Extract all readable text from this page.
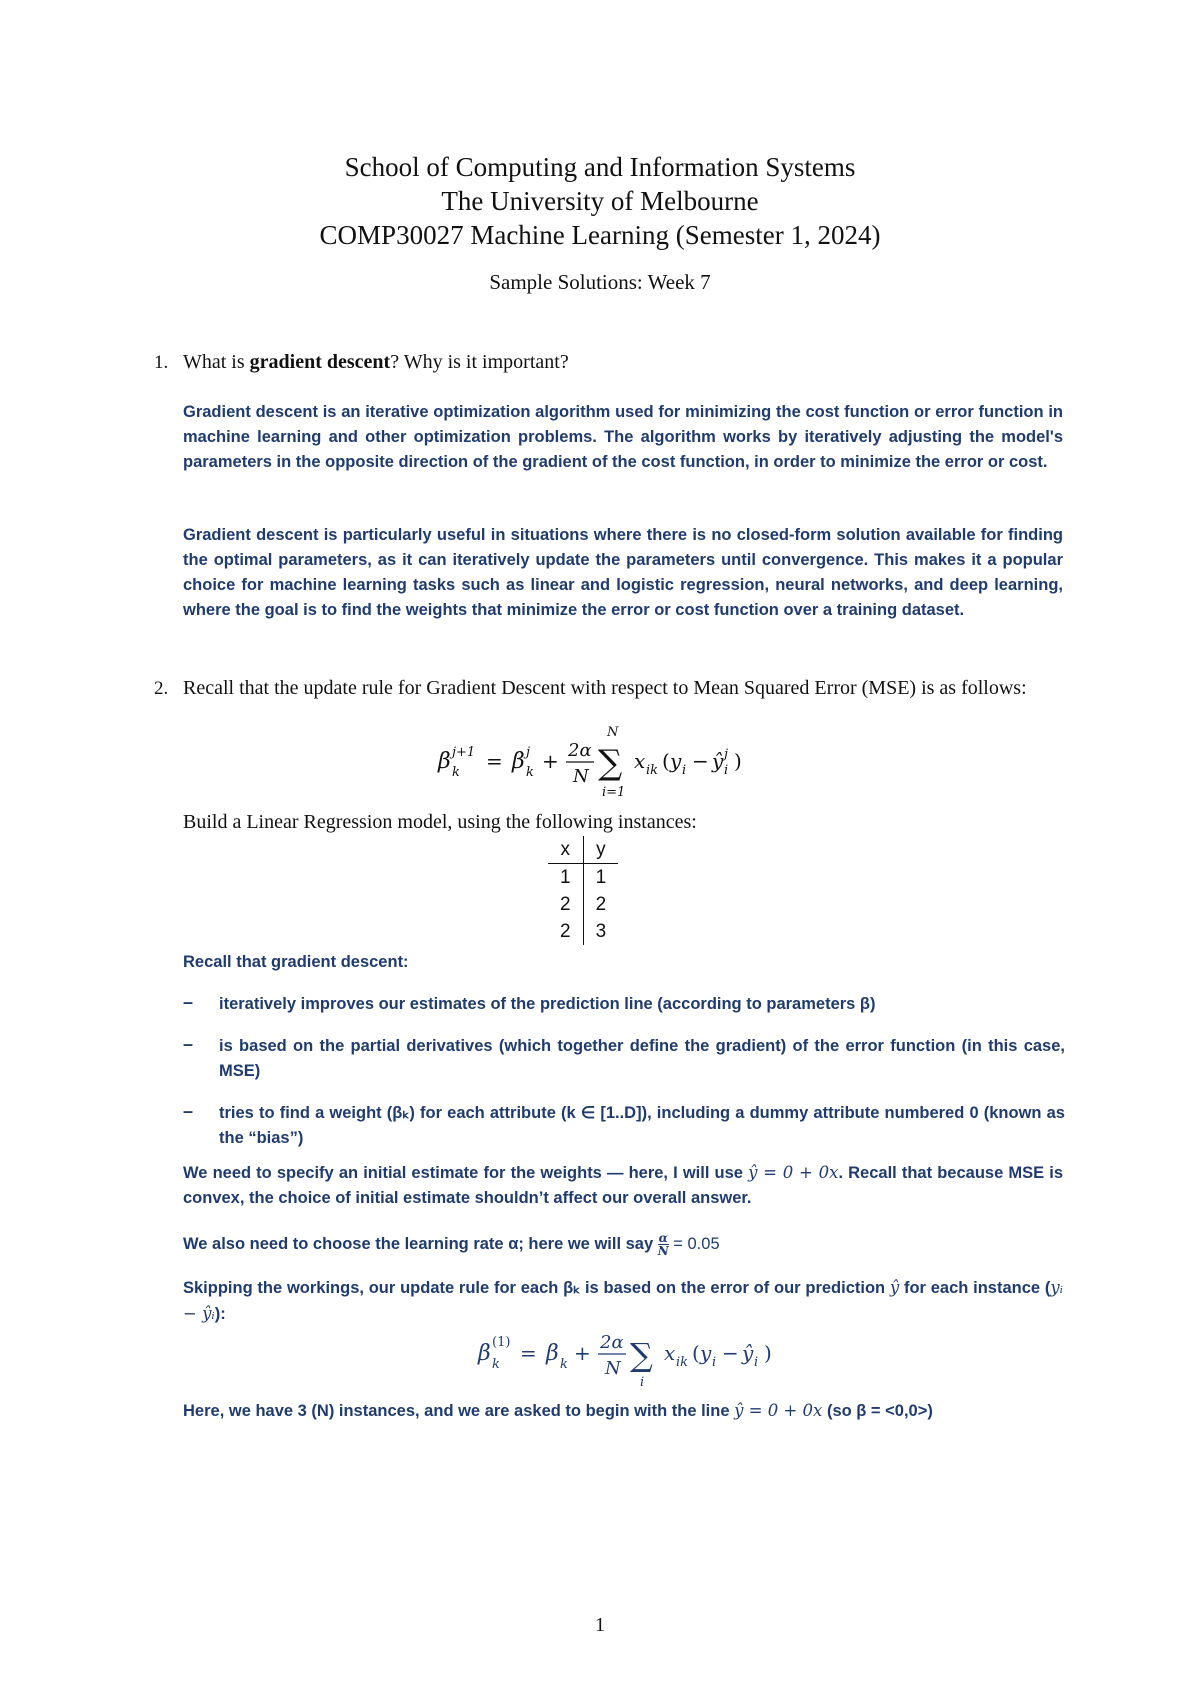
School of Computing and Information Systems
The University of Melbourne
COMP30027 Machine Learning (Semester 1, 2024)
Sample Solutions: Week 7
1. What is gradient descent? Why is it important?
Gradient descent is an iterative optimization algorithm used for minimizing the cost function or error function in machine learning and other optimization problems. The algorithm works by iteratively adjusting the model's parameters in the opposite direction of the gradient of the cost function, in order to minimize the error or cost.
Gradient descent is particularly useful in situations where there is no closed-form solution available for finding the optimal parameters, as it can iteratively update the parameters until convergence. This makes it a popular choice for machine learning tasks such as linear and logistic regression, neural networks, and deep learning, where the goal is to find the weights that minimize the error or cost function over a training dataset.
2. Recall that the update rule for Gradient Descent with respect to Mean Squared Error (MSE) is as follows:
β k
j+1 = β k
j + 2α
N ∑
N
i=1
x ik ( y i − ŷ i
j )
Build a Linear Regression model, using the following instances:
x	y
1	1
2	2
2	3
Recall that gradient descent:
– iteratively improves our estimates of the prediction line (according to parameters β)
– is based on the partial derivatives (which together define the gradient) of the error function (in this case, MSE)
– tries to find a weight (βₖ) for each attribute (k ∈ [1..D]), including a dummy attribute numbered 0 (known as the “bias”)
We need to specify an initial estimate for the weights — here, I will use ŷ = 0 + 0x. Recall that because MSE is convex, the choice of initial estimate shouldn’t affect our overall answer.
We also need to choose the learning rate α; here we will say $\frac{\alpha}{N} = 0.05$
Skipping the workings, our update rule for each βₖ is based on the error of our prediction ŷ for each instance (yᵢ − ŷᵢ):
β k
(1) = β k + 2α
N ∑
i
x ik ( y i − ŷ i )
Here, we have 3 (N) instances, and we are asked to begin with the line ŷ = 0 + 0x (so β = <0,0>)
1
